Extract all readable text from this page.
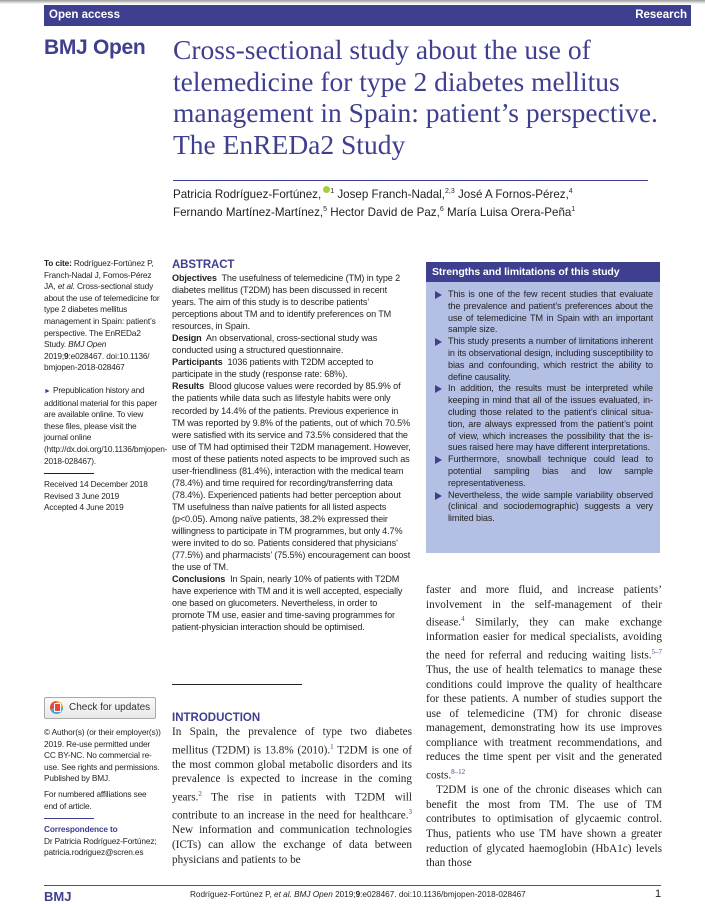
Open access	Research
BMJ Open Cross-sectional study about the use of telemedicine for type 2 diabetes mellitus management in Spain: patient’s perspective. The EnREDa2 Study
Patricia Rodríguez-Fortúnez, $^1$ Josep Franch-Nadal,$^{2,3}$ José A Fornos-Pérez,$^4$
Fernando Martínez-Martínez,$^5$ Hector David de Paz,$^6$ María Luisa Orera-Peña$^1$
To cite: Rodríguez-Fortúnez P, Franch-Nadal J, Fornos-Pérez JA, et al. Cross-sectional study about the use of telemedicine for type 2 diabetes mellitus management in Spain: patient’s perspective. The EnREDa2 Study. BMJ Open 2019;9:e028467. doi:10.1136/ bmjopen-2018-028467
► Prepublication history and additional material for this paper are available online. To view these files, please visit the journal online (http://dx.doi.org/10.1136/bmjopen-2018-028467).
Received 14 December 2018
Revised 3 June 2019
Accepted 4 June 2019
Check for updates
© Author(s) (or their employer(s)) 2019. Re-use permitted under CC BY-NC. No commercial re-use. See rights and permissions. Published by BMJ.
For numbered affiliations see end of article.
Correspondence to
Dr Patricia Rodríguez-Fortúnez;
patricia.rodriguez@scren.es
ABSTRACT

Objectives The usefulness of telemedicine (TM) in type 2 diabetes mellitus (T2DM) has been discussed in recent years. The aim of this study is to describe patients’ perceptions about TM and to identify preferences on TM resources, in Spain.

Design An observational, cross-sectional study was conducted using a structured questionnaire.

Participants 1036 patients with T2DM accepted to participate in the study (response rate: 68%).

Results Blood glucose values were recorded by 85.9% of the patients while data such as lifestyle habits were only recorded by 14.4% of the patients. Previous experience in TM was reported by 9.8% of the patients, out of which 70.5% were satisfied with its service and 73.5% considered that the use of TM had optimised their T2DM management. However, most of these patients noted aspects to be improved such as user-friendliness (81.4%), interaction with the medical team (78.4%) and time required for recording/transferring data (78.4%). Experienced patients had better perception about TM usefulness than naïve patients for all listed aspects (p<0.05). Among naïve patients, 38.2% expressed their willingness to participate in TM programmes, but only 4.7% were invited to do so. Patients considered that physicians’ (77.5%) and pharmacists’ (75.5%) encouragement can boost the use of TM.

Conclusions In Spain, nearly 10% of patients with T2DM have experience with TM and it is well accepted, especially one based on glucometers. Nevertheless, in order to promote TM use, easier and time-saving programmes for patient-physician interaction should be optimised.

Strengths and limitations of this study
This is one of the few recent studies that evaluate the prevalence and patient’s preferences about the use of telemedicine TM in Spain with an important sample size.
This study presents a number of limitations inherent in its observational design, including susceptibility to bias and confounding, which restrict the ability to define causality.
In addition, the results must be interpreted while keeping in mind that all of the issues evaluated, including those related to the patient’s clinical situation, are always expressed from the patient’s point of view, which increases the possibility that the issues raised here may have different interpretations.
Furthermore, snowball technique could lead to potential sampling bias and low sample representativeness.
Nevertheless, the wide sample variability observed (clinical and sociodemographic) suggests a very limited bias.
INTRODUCTION

In Spain, the prevalence of type two diabetes mellitus (T2DM) is 13.8% (2010).$^1$ T2DM is one of the most common global metabolic disorders and its prevalence is expected to increase in the coming years.$^2$ The rise in patients with T2DM will contribute to an increase in the need for healthcare.$^3$ New information and communication technologies (ICTs) can allow the exchange of data between physicians and patients to be

faster and more fluid, and increase patients’ involvement in the self-management of their disease.$^4$ Similarly, they can make exchange information easier for medical specialists, avoiding the need for referral and reducing waiting lists.$^{5-7}$ Thus, the use of health telematics to manage these conditions could improve the quality of healthcare for these patients. A number of studies support the use of telemedicine (TM) for chronic disease management, demonstrating how its use improves compliance with treatment recommendations, and reduces the time spent per visit and the generated costs.$^{8-12}$

T2DM is one of the chronic diseases which can benefit the most from TM. The use of TM contributes to optimisation of glycaemic control. Thus, patients who use TM have shown a greater reduction of glycated haemoglobin (HbA1c) levels than those

BMJ	Rodríguez-Fortúnez P, et al. BMJ Open 2019;9:e028467. doi:10.1136/bmjopen-2018-028467	1
